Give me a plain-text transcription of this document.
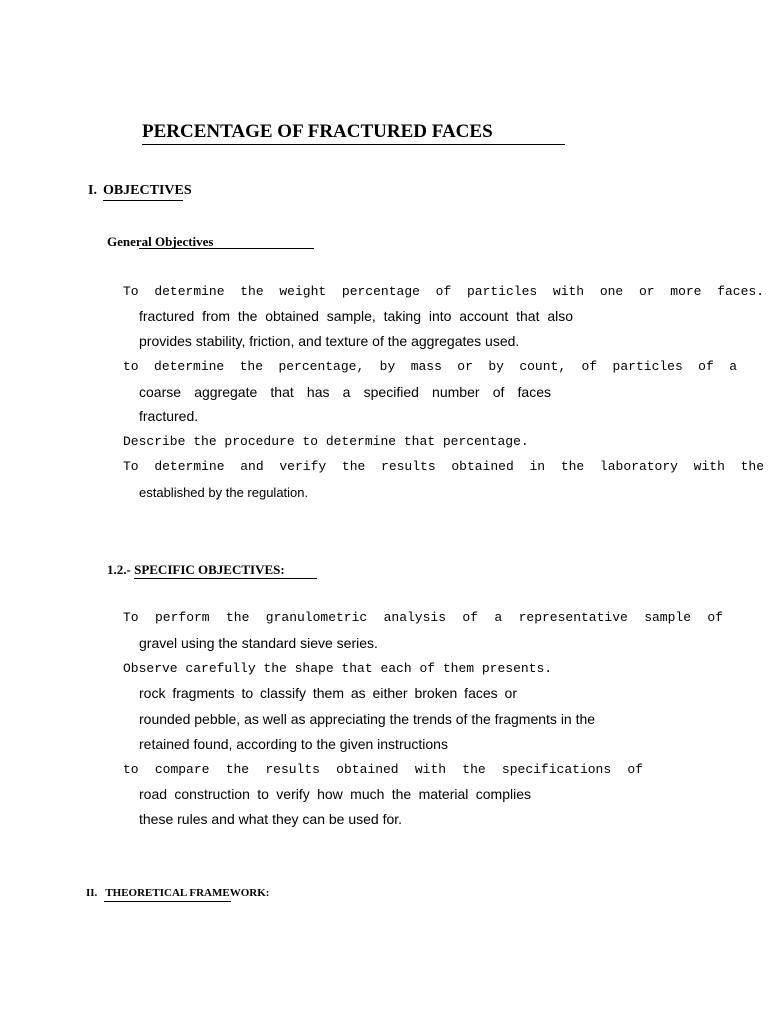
PERCENTAGE OF FRACTURED FACES
I. OBJECTIVES
General Objectives
To determine the weight percentage of particles with one or more faces.
fractured from the obtained sample, taking into account that also
provides stability, friction, and texture of the aggregates used.
to determine the percentage, by mass or by count, of particles of a
coarse aggregate that has a specified number of faces
fractured.
Describe the procedure to determine that percentage.
To determine and verify the results obtained in the laboratory with the
established by the regulation.
1.2.- SPECIFIC OBJECTIVES:
To perform the granulometric analysis of a representative sample of
gravel using the standard sieve series.
Observe carefully the shape that each of them presents.
rock fragments to classify them as either broken faces or
rounded pebble, as well as appreciating the trends of the fragments in the
retained found, according to the given instructions
to compare the results obtained with the specifications of
road construction to verify how much the material complies
these rules and what they can be used for.
II. THEORETICAL FRAMEWORK:
